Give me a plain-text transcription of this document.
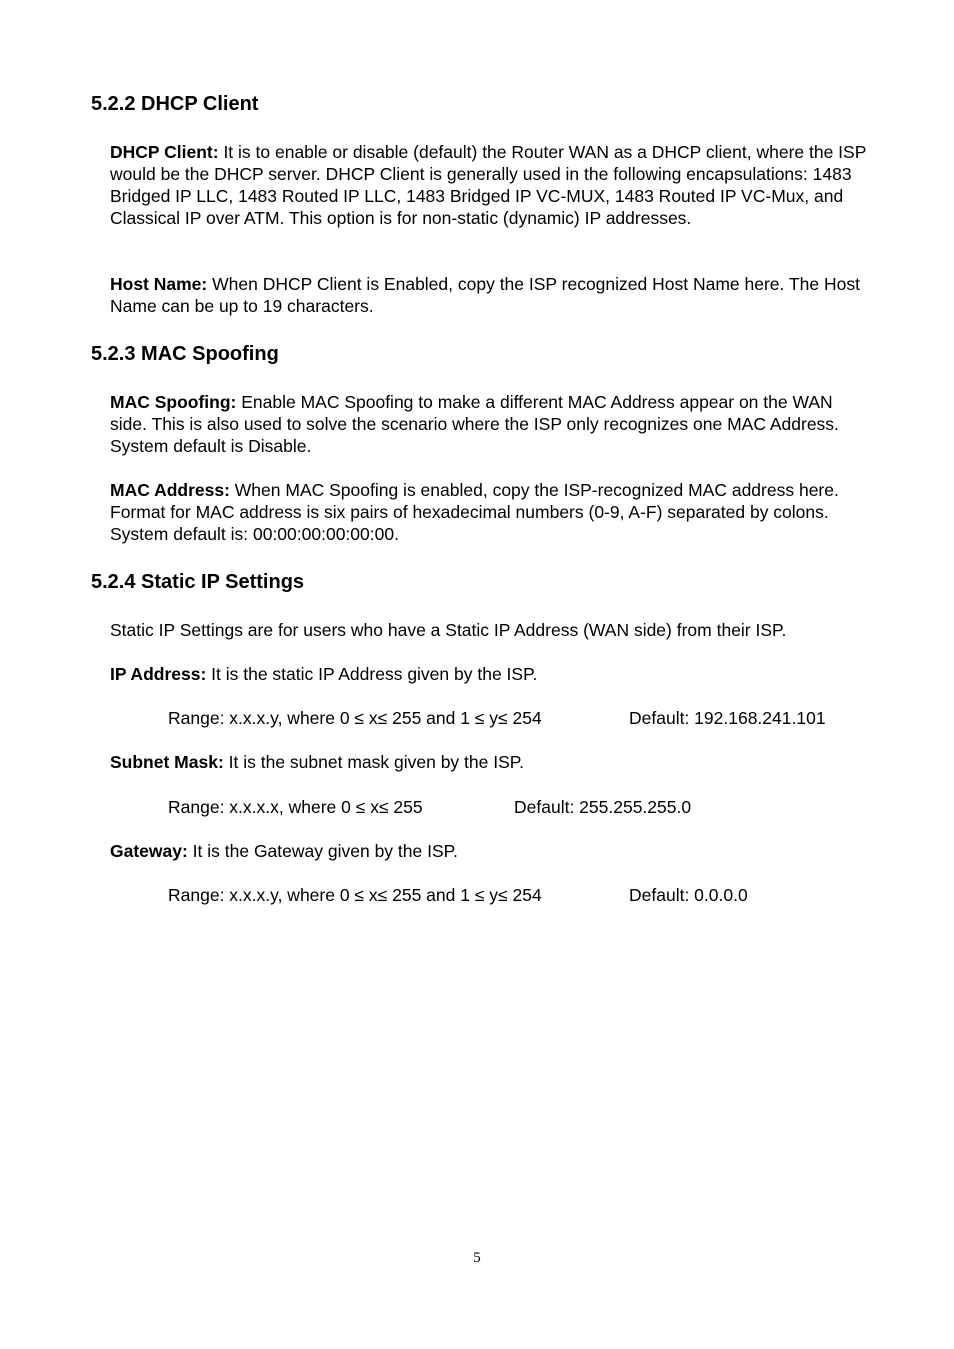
5.2.2 DHCP Client

DHCP Client: It is to enable or disable (default) the Router WAN as a DHCP client, where the ISP would be the DHCP server. DHCP Client is generally used in the following encapsulations: 1483 Bridged IP LLC, 1483 Routed IP LLC, 1483 Bridged IP VC-MUX, 1483 Routed IP VC-Mux, and Classical IP over ATM. This option is for non-static (dynamic) IP addresses.

Host Name: When DHCP Client is Enabled, copy the ISP recognized Host Name here. The Host Name can be up to 19 characters.

5.2.3 MAC Spoofing

MAC Spoofing: Enable MAC Spoofing to make a different MAC Address appear on the WAN side. This is also used to solve the scenario where the ISP only recognizes one MAC Address. System default is Disable.

MAC Address: When MAC Spoofing is enabled, copy the ISP-recognized MAC address here. Format for MAC address is six pairs of hexadecimal numbers (0-9, A-F) separated by colons. System default is: 00:00:00:00:00:00.

5.2.4 Static IP Settings

Static IP Settings are for users who have a Static IP Address (WAN side) from their ISP.

IP Address: It is the static IP Address given by the ISP.

Range: x.x.x.y, where 0 ≤ x≤ 255 and 1 ≤ y≤ 254	Default: 192.168.241.101

Subnet Mask: It is the subnet mask given by the ISP.

Range: x.x.x.x, where 0 ≤ x≤ 255	Default: 255.255.255.0

Gateway: It is the Gateway given by the ISP.

Range: x.x.x.y, where 0 ≤ x≤ 255 and 1 ≤ y≤ 254	Default: 0.0.0.0

5
